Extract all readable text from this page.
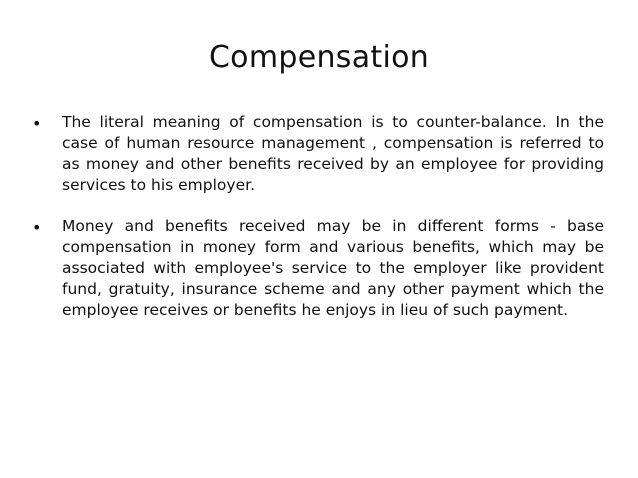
Compensation
• The literal meaning of compensation is to counter-balance. In the case of human resource management , compensation is referred to as money and other benefits received by an employee for providing services to his employer.
• Money and benefits received may be in different forms - base compensation in money form and various benefits, which may be associated with employee's service to the employer like provident fund, gratuity, insurance scheme and any other payment which the employee receives or benefits he enjoys in lieu of such payment.
